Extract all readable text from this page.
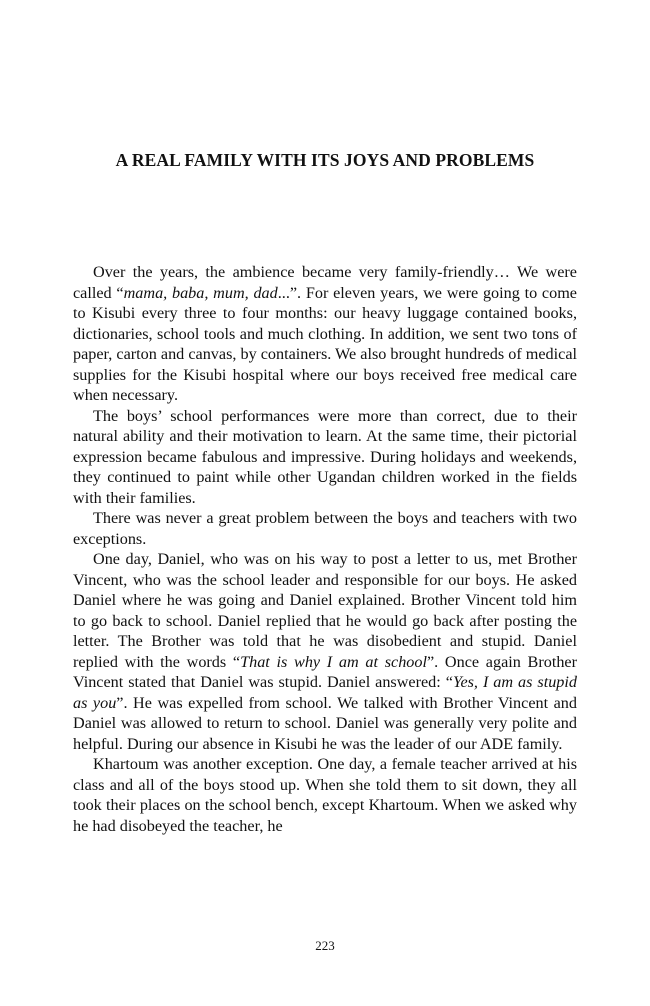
A REAL FAMILY WITH ITS JOYS AND PROBLEMS

Over the years, the ambience became very family-friendly… We were called “mama, baba, mum, dad...”. For eleven years, we were going to come to Kisubi every three to four months: our heavy luggage contained books, dictionaries, school tools and much clothing. In addition, we sent two tons of paper, carton and canvas, by containers. We also brought hundreds of medical supplies for the Kisubi hospital where our boys received free medical care when necessary.

The boys’ school performances were more than correct, due to their natural ability and their motivation to learn. At the same time, their pictorial expression became fabulous and impressive. During holidays and weekends, they continued to paint while other Ugandan children worked in the fields with their families.

There was never a great problem between the boys and teachers with two exceptions.

One day, Daniel, who was on his way to post a letter to us, met Brother Vincent, who was the school leader and responsible for our boys. He asked Daniel where he was going and Daniel explained. Brother Vincent told him to go back to school. Daniel replied that he would go back after posting the letter. The Brother was told that he was disobedient and stupid. Daniel replied with the words “That is why I am at school”. Once again Brother Vincent stated that Daniel was stupid. Daniel answered: “Yes, I am as stupid as you”. He was expelled from school. We talked with Brother Vincent and Daniel was allowed to return to school. Daniel was generally very polite and helpful. During our absence in Kisubi he was the leader of our ADE family.

Khartoum was another exception. One day, a female teacher arrived at his class and all of the boys stood up. When she told them to sit down, they all took their places on the school bench, except Khartoum. When we asked why he had disobeyed the teacher, he

223
